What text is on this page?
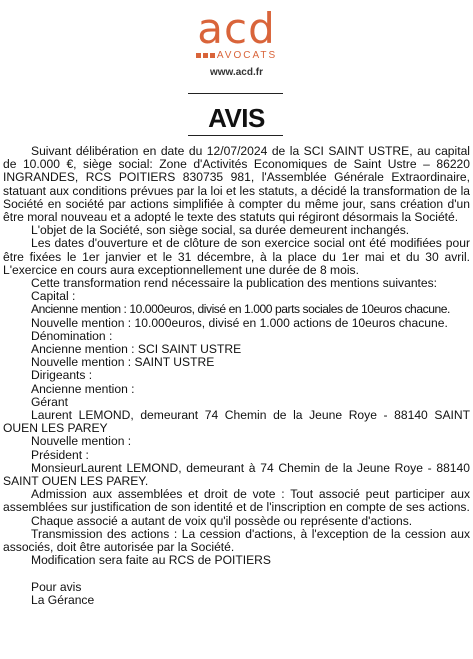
acd
AVOCATS
www.acd.fr
AVIS

Suivant délibération en date du 12/07/2024 de la SCI SAINT USTRE, au capital de 10.000 €, siège social: Zone d'Activités Economiques de Saint Ustre – 86220 INGRANDES, RCS POITIERS 830735 981, l'Assemblée Générale Extraordinaire, statuant aux conditions prévues par la loi et les statuts, a décidé la transformation de la Société en société par actions simplifiée à compter du même jour, sans création d'un être moral nouveau et a adopté le texte des statuts qui régiront désormais la Société.

L'objet de la Société, son siège social, sa durée demeurent inchangés.

Les dates d'ouverture et de clôture de son exercice social ont été modifiées pour être fixées le 1er janvier et le 31 décembre, à la place du 1er mai et du 30 avril. L'exercice en cours aura exceptionnellement une durée de 8 mois.

Cette transformation rend nécessaire la publication des mentions suivantes:

Capital :

Ancienne mention : 10.000euros, divisé en 1.000 parts sociales de 10euros chacune.

Nouvelle mention : 10.000euros, divisé en 1.000 actions de 10euros chacune.

Dénomination :

Ancienne mention : SCI SAINT USTRE

Nouvelle mention : SAINT USTRE

Dirigeants :

Ancienne mention :

Gérant

Laurent LEMOND, demeurant 74 Chemin de la Jeune Roye - 88140 SAINT OUEN LES PAREY

Nouvelle mention :

Président :

MonsieurLaurent LEMOND, demeurant à 74 Chemin de la Jeune Roye - 88140 SAINT OUEN LES PAREY.

Admission aux assemblées et droit de vote : Tout associé peut participer aux assemblées sur justification de son identité et de l'inscription en compte de ses actions.

Chaque associé a autant de voix qu'il possède ou représente d'actions.

Transmission des actions : La cession d'actions, à l'exception de la cession aux associés, doit être autorisée par la Société.

Modification sera faite au RCS de POITIERS

Pour avis

La Gérance
